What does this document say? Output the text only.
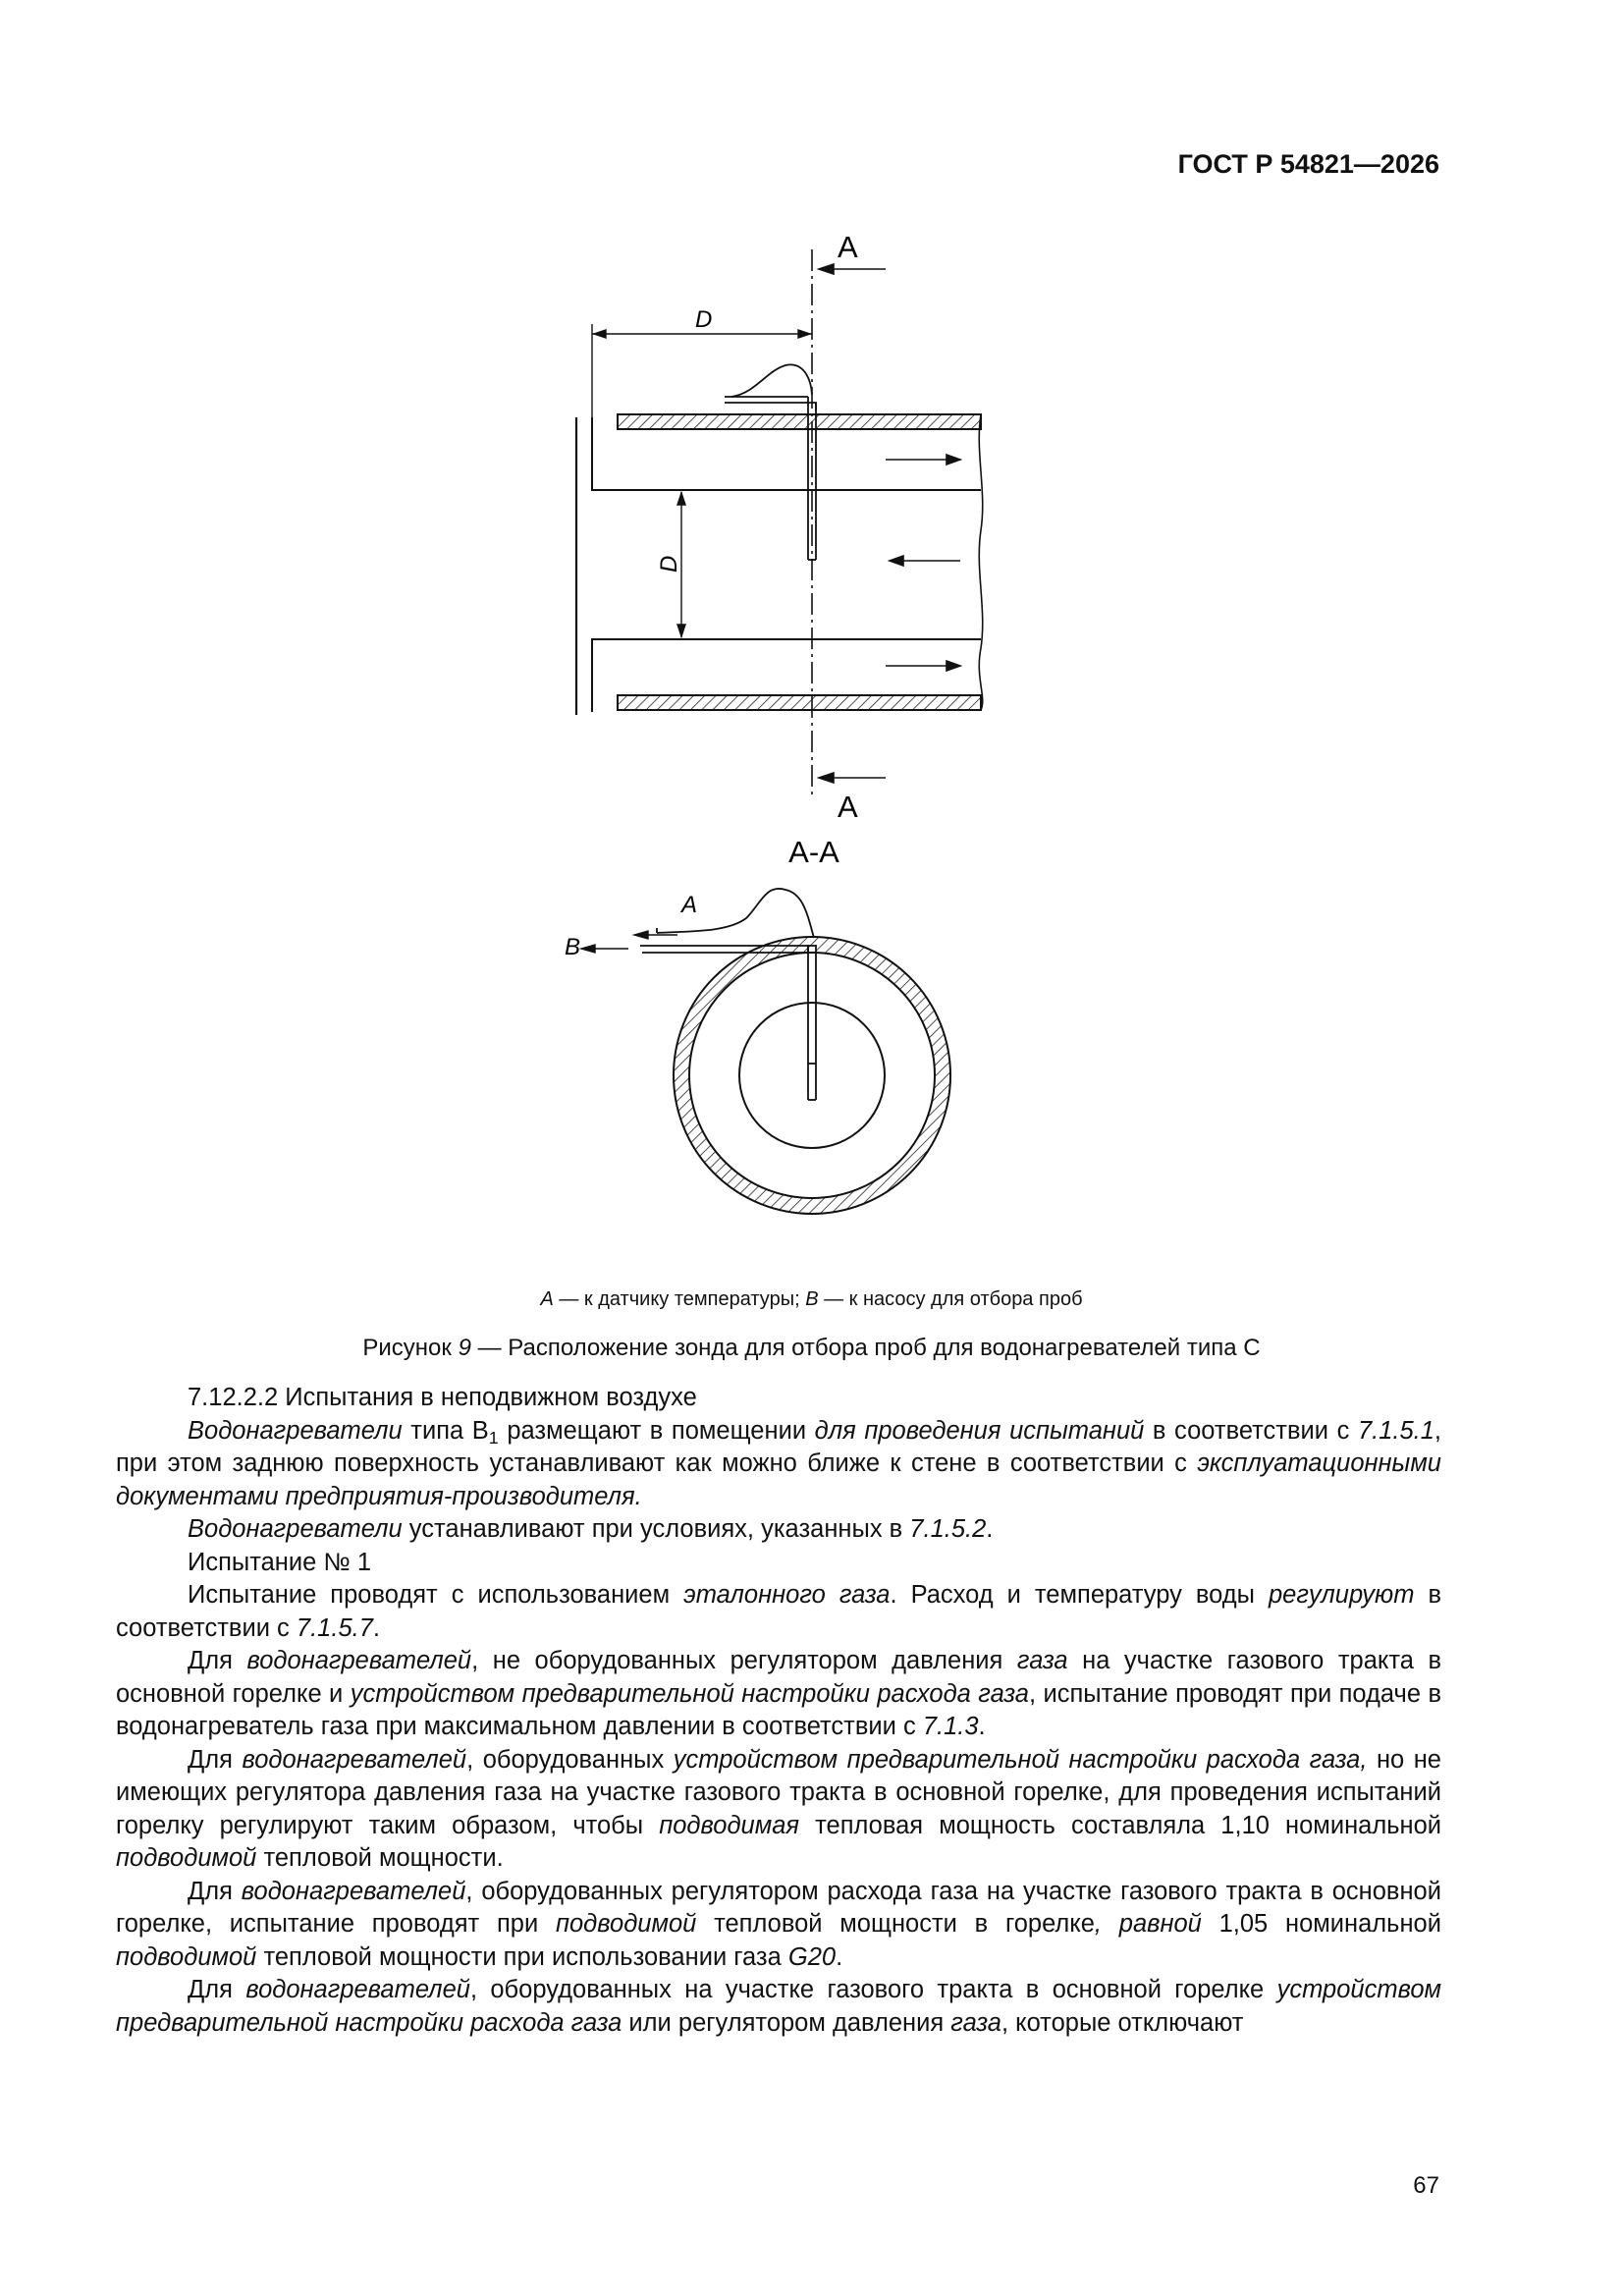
ГОСТ Р 54821—2026
A
A
D
D
A-A
A
B
A — к датчику температуры; B — к насосу для отбора проб
Рисунок 9 — Расположение зонда для отбора проб для водонагревателей типа С

7.12.2.2 Испытания в неподвижном воздухе

Водонагреватели типа $В_1$ размещают в помещении для проведения испытаний в соответствии с 7.1.5.1, при этом заднюю поверхность устанавливают как можно ближе к стене в соответствии с эксплуатационными документами предприятия-производителя.

Водонагреватели устанавливают при условиях, указанных в 7.1.5.2.

Испытание № 1

Испытание проводят с использованием эталонного газа. Расход и температуру воды регулируют в соответствии с 7.1.5.7.

Для водонагревателей, не оборудованных регулятором давления газа на участке газового тракта в основной горелке и устройством предварительной настройки расхода газа, испытание проводят при подаче в водонагреватель газа при максимальном давлении в соответствии с 7.1.3.

Для водонагревателей, оборудованных устройством предварительной настройки расхода газа, но не имеющих регулятора давления газа на участке газового тракта в основной горелке, для проведения испытаний горелку регулируют таким образом, чтобы подводимая тепловая мощность составляла 1,10 номинальной подводимой тепловой мощности.

Для водонагревателей, оборудованных регулятором расхода газа на участке газового тракта в основной горелке, испытание проводят при подводимой тепловой мощности в горелке, равной 1,05 номинальной подводимой тепловой мощности при использовании газа G20.

Для водонагревателей, оборудованных на участке газового тракта в основной горелке устройством предварительной настройки расхода газа или регулятором давления газа, которые отключают

67
